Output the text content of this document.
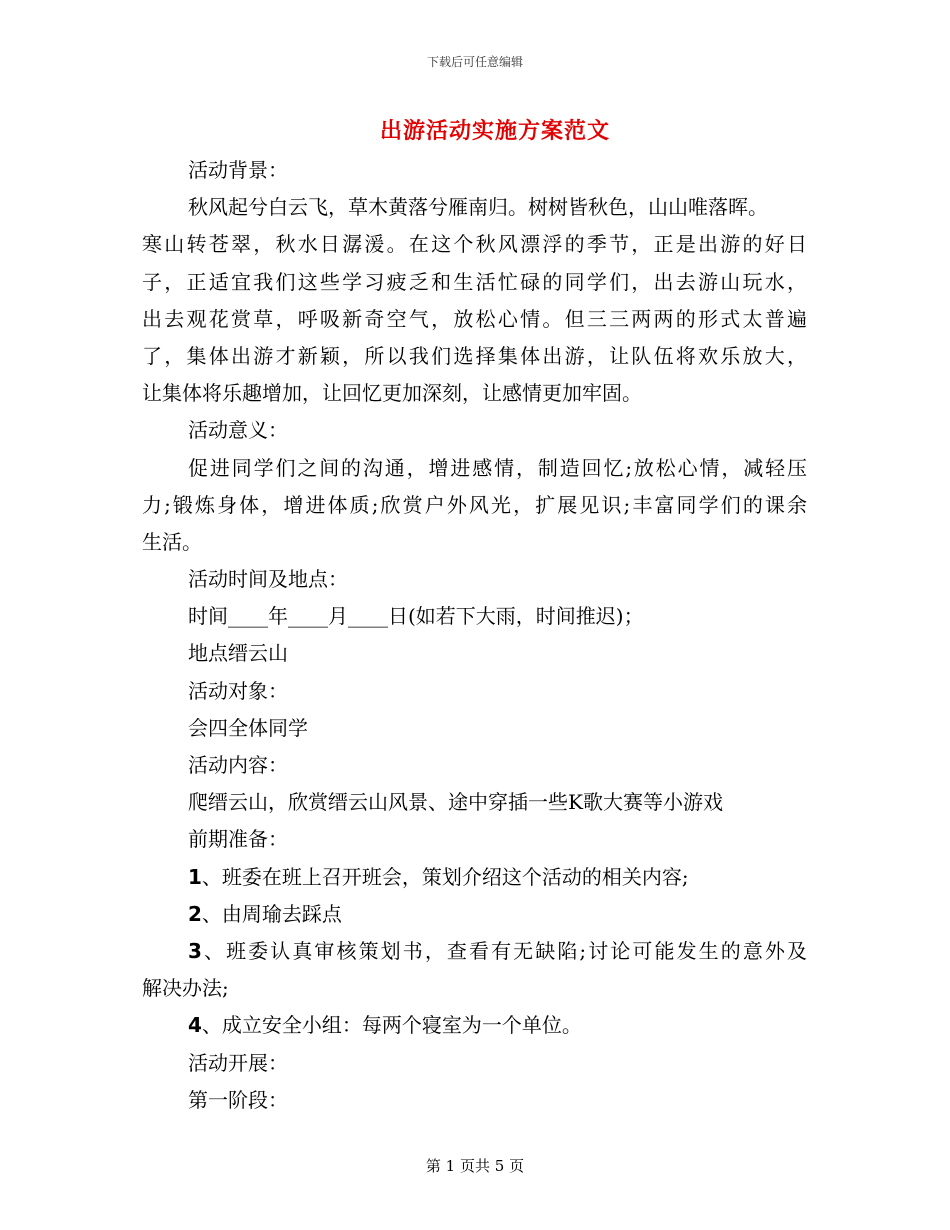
下载后可任意编辑
出游活动实施方案范文
活动背景：
秋风起兮白云飞，草木黄落兮雁南归。树树皆秋色，山山唯落晖。
寒山转苍翠，秋水日潺湲。在这个秋风漂浮的季节，正是出游的好日
子，正适宜我们这些学习疲乏和生活忙碌的同学们，出去游山玩水，
出去观花赏草，呼吸新奇空气，放松心情。但三三两两的形式太普遍
了，集体出游才新颖，所以我们选择集体出游，让队伍将欢乐放大，
让集体将乐趣增加，让回忆更加深刻，让感情更加牢固。
活动意义：
促进同学们之间的沟通，增进感情，制造回忆;放松心情，减轻压
力;锻炼身体，增进体质;欣赏户外风光，扩展见识;丰富同学们的课余
生活。
活动时间及地点：
时间____年____月____日(如若下大雨，时间推迟)；
地点缙云山
活动对象：
会四全体同学
活动内容：
爬缙云山，欣赏缙云山风景、途中穿插一些K歌大赛等小游戏
前期准备：
1、班委在班上召开班会，策划介绍这个活动的相关内容;
2、由周瑜去踩点
3、班委认真审核策划书，查看有无缺陷;讨论可能发生的意外及
解决办法;
4、成立安全小组：每两个寝室为一个单位。
活动开展：
第一阶段：
第 1 页共 5 页
